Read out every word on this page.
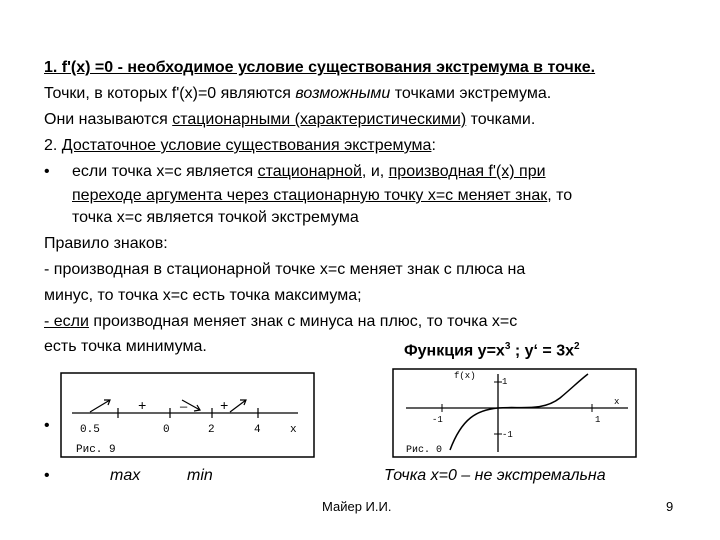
1. f'(x) =0 - необходимое условие существования экстремума в точке.
Точки, в которых f'(x)=0 являются возможными точками экстремума.
Они называются стационарными (характеристическими) точками.
2. Достаточное условие существования экстремума:
• если точка x=c является стационарной, и, производная f'(x) при
переходе аргумента через стационарную точку x=c меняет знак, то
точка x=c является точкой экстремума
Правило знаков:
- производная в стационарной точке x=c меняет знак с плюса на
минус, то точка x=c есть точка максимума;
- если производная меняет знак с минуса на плюс, то точка x=c
есть точка минимума.	Функция $y=x^3$ ; y‘ = $3x^2$
+	— +
0.5	0	2	4	x
Рис. 9
f(x)
1
-1	1
x
-1
Рис. 0
•
•	max	min	Точка x=0 – не экстремальна
Майер И.И.	9
